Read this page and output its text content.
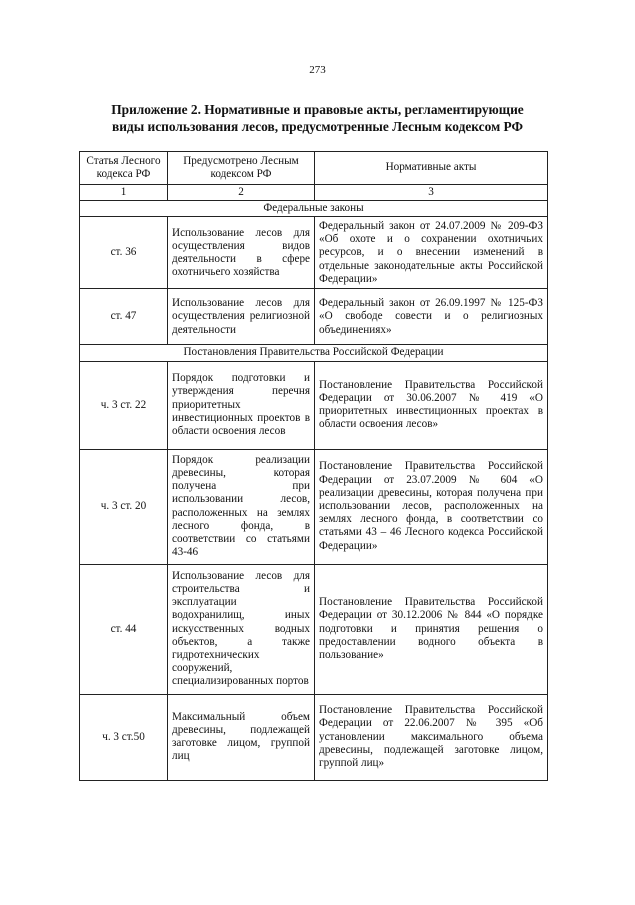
273
Приложение 2. Нормативные и правовые акты, регламентирующие
виды использования лесов, предусмотренные Лесным кодексом РФ
Статья Лесного кодекса РФ	Предусмотрено Лесным кодексом РФ	Нормативные акты
1	2	3
Федеральные законы		
ст. 36	Использование лесов для осуществления видов деятельности в сфере охотничьего хозяйства	Федеральный закон от 24.07.2009 № 209-ФЗ «Об охоте и о сохранении охотничьих ресурсов, и о внесении изменений в отдельные законодательные акты Российской Федерации»
ст. 47	Использование лесов для осуществления религиозной деятельности	Федеральный закон от 26.09.1997 № 125-ФЗ «О свободе совести и о религиозных объединениях»
Постановления Правительства Российской Федерации		
ч. 3 ст. 22	Порядок подготовки и утверждения перечня приоритетных инвестиционных проектов в области освоения лесов	Постановление Правительства Российской Федерации от 30.06.2007 № 419 «О приоритетных инвестиционных проектах в области освоения лесов»
ч. 3 ст. 20	Порядок реализации древесины, которая получена при использовании лесов, расположенных на землях лесного фонда, в соответствии со статьями 43-46	Постановление Правительства Российской Федерации от 23.07.2009 № 604 «О реализации древесины, которая получена при использовании лесов, расположенных на землях лесного фонда, в соответствии со статьями 43 – 46 Лесного кодекса Российской Федерации»
ст. 44	Использование лесов для строительства и эксплуатации водохранилищ, иных искусственных водных объектов, а также гидротехнических сооружений, специализированных портов	Постановление Правительства Российской Федерации от 30.12.2006 № 844 «О порядке подготовки и принятия решения о предоставлении водного объекта в пользование»
ч. 3 ст.50	Максимальный объем древесины, подлежащей заготовке лицом, группой лиц	Постановление Правительства Российской Федерации от 22.06.2007 № 395 «Об установлении максимального объема древесины, подлежащей заготовке лицом, группой лиц»
